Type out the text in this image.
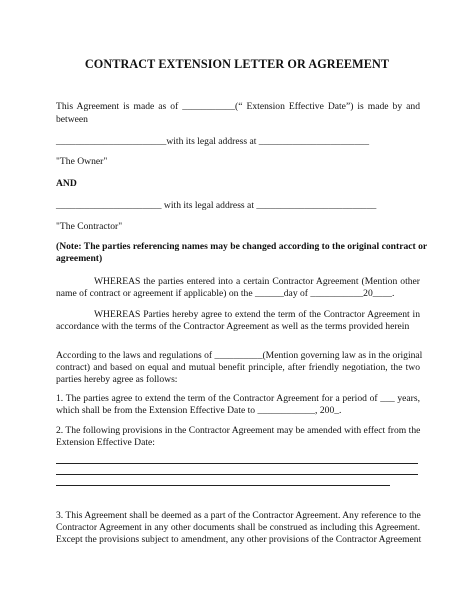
CONTRACT EXTENSION LETTER OR AGREEMENT
This Agreement is made as of ___________(“ Extension Effective Date”) is made by and
between
_______________________with its legal address at _______________________
"The Owner"
AND
______________________ with its legal address at _________________________
"The Contractor"
(Note: The parties referencing names may be changed according to the original contract or
agreement)
WHEREAS the parties entered into a certain Contractor Agreement (Mention other
name of contract or agreement if applicable) on the ______day of ___________20____.
WHEREAS Parties hereby agree to extend the term of the Contractor Agreement in
accordance with the terms of the Contractor Agreement as well as the terms provided herein
According to the laws and regulations of __________(Mention governing law as in the original
contract) and based on equal and mutual benefit principle, after friendly negotiation, the two
parties hereby agree as follows:
1. The parties agree to extend the term of the Contractor Agreement for a period of ___ years,
which shall be from the Extension Effective Date to ____________, 200_.
2. The following provisions in the Contractor Agreement may be amended with effect from the
Extension Effective Date:
3. This Agreement shall be deemed as a part of the Contractor Agreement. Any reference to the
Contractor Agreement in any other documents shall be construed as including this Agreement.
Except the provisions subject to amendment, any other provisions of the Contractor Agreement
